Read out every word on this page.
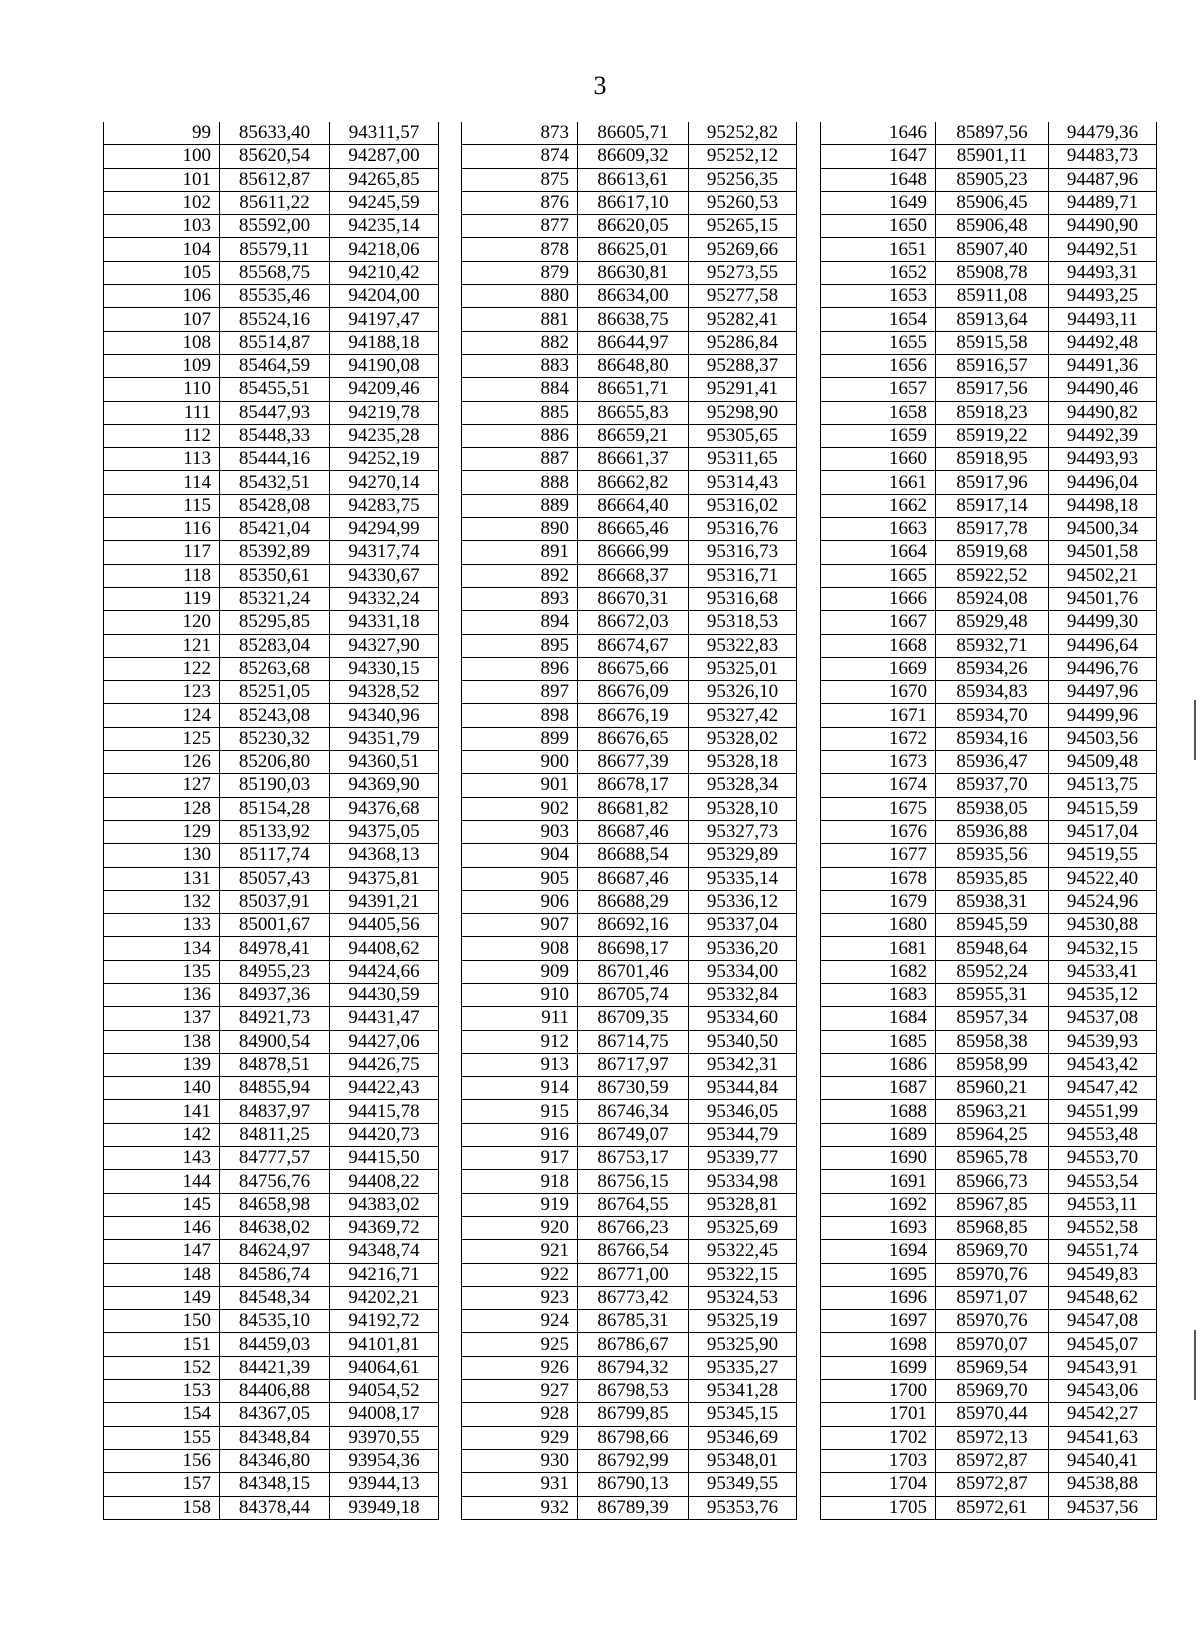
3
99	85633,40	94311,57
100	85620,54	94287,00
101	85612,87	94265,85
102	85611,22	94245,59
103	85592,00	94235,14
104	85579,11	94218,06
105	85568,75	94210,42
106	85535,46	94204,00
107	85524,16	94197,47
108	85514,87	94188,18
109	85464,59	94190,08
110	85455,51	94209,46
111	85447,93	94219,78
112	85448,33	94235,28
113	85444,16	94252,19
114	85432,51	94270,14
115	85428,08	94283,75
116	85421,04	94294,99
117	85392,89	94317,74
118	85350,61	94330,67
119	85321,24	94332,24
120	85295,85	94331,18
121	85283,04	94327,90
122	85263,68	94330,15
123	85251,05	94328,52
124	85243,08	94340,96
125	85230,32	94351,79
126	85206,80	94360,51
127	85190,03	94369,90
128	85154,28	94376,68
129	85133,92	94375,05
130	85117,74	94368,13
131	85057,43	94375,81
132	85037,91	94391,21
133	85001,67	94405,56
134	84978,41	94408,62
135	84955,23	94424,66
136	84937,36	94430,59
137	84921,73	94431,47
138	84900,54	94427,06
139	84878,51	94426,75
140	84855,94	94422,43
141	84837,97	94415,78
142	84811,25	94420,73
143	84777,57	94415,50
144	84756,76	94408,22
145	84658,98	94383,02
146	84638,02	94369,72
147	84624,97	94348,74
148	84586,74	94216,71
149	84548,34	94202,21
150	84535,10	94192,72
151	84459,03	94101,81
152	84421,39	94064,61
153	84406,88	94054,52
154	84367,05	94008,17
155	84348,84	93970,55
156	84346,80	93954,36
157	84348,15	93944,13
158	84378,44	93949,18
873	86605,71	95252,82
874	86609,32	95252,12
875	86613,61	95256,35
876	86617,10	95260,53
877	86620,05	95265,15
878	86625,01	95269,66
879	86630,81	95273,55
880	86634,00	95277,58
881	86638,75	95282,41
882	86644,97	95286,84
883	86648,80	95288,37
884	86651,71	95291,41
885	86655,83	95298,90
886	86659,21	95305,65
887	86661,37	95311,65
888	86662,82	95314,43
889	86664,40	95316,02
890	86665,46	95316,76
891	86666,99	95316,73
892	86668,37	95316,71
893	86670,31	95316,68
894	86672,03	95318,53
895	86674,67	95322,83
896	86675,66	95325,01
897	86676,09	95326,10
898	86676,19	95327,42
899	86676,65	95328,02
900	86677,39	95328,18
901	86678,17	95328,34
902	86681,82	95328,10
903	86687,46	95327,73
904	86688,54	95329,89
905	86687,46	95335,14
906	86688,29	95336,12
907	86692,16	95337,04
908	86698,17	95336,20
909	86701,46	95334,00
910	86705,74	95332,84
911	86709,35	95334,60
912	86714,75	95340,50
913	86717,97	95342,31
914	86730,59	95344,84
915	86746,34	95346,05
916	86749,07	95344,79
917	86753,17	95339,77
918	86756,15	95334,98
919	86764,55	95328,81
920	86766,23	95325,69
921	86766,54	95322,45
922	86771,00	95322,15
923	86773,42	95324,53
924	86785,31	95325,19
925	86786,67	95325,90
926	86794,32	95335,27
927	86798,53	95341,28
928	86799,85	95345,15
929	86798,66	95346,69
930	86792,99	95348,01
931	86790,13	95349,55
932	86789,39	95353,76
1646	85897,56	94479,36
1647	85901,11	94483,73
1648	85905,23	94487,96
1649	85906,45	94489,71
1650	85906,48	94490,90
1651	85907,40	94492,51
1652	85908,78	94493,31
1653	85911,08	94493,25
1654	85913,64	94493,11
1655	85915,58	94492,48
1656	85916,57	94491,36
1657	85917,56	94490,46
1658	85918,23	94490,82
1659	85919,22	94492,39
1660	85918,95	94493,93
1661	85917,96	94496,04
1662	85917,14	94498,18
1663	85917,78	94500,34
1664	85919,68	94501,58
1665	85922,52	94502,21
1666	85924,08	94501,76
1667	85929,48	94499,30
1668	85932,71	94496,64
1669	85934,26	94496,76
1670	85934,83	94497,96
1671	85934,70	94499,96
1672	85934,16	94503,56
1673	85936,47	94509,48
1674	85937,70	94513,75
1675	85938,05	94515,59
1676	85936,88	94517,04
1677	85935,56	94519,55
1678	85935,85	94522,40
1679	85938,31	94524,96
1680	85945,59	94530,88
1681	85948,64	94532,15
1682	85952,24	94533,41
1683	85955,31	94535,12
1684	85957,34	94537,08
1685	85958,38	94539,93
1686	85958,99	94543,42
1687	85960,21	94547,42
1688	85963,21	94551,99
1689	85964,25	94553,48
1690	85965,78	94553,70
1691	85966,73	94553,54
1692	85967,85	94553,11
1693	85968,85	94552,58
1694	85969,70	94551,74
1695	85970,76	94549,83
1696	85971,07	94548,62
1697	85970,76	94547,08
1698	85970,07	94545,07
1699	85969,54	94543,91
1700	85969,70	94543,06
1701	85970,44	94542,27
1702	85972,13	94541,63
1703	85972,87	94540,41
1704	85972,87	94538,88
1705	85972,61	94537,56
